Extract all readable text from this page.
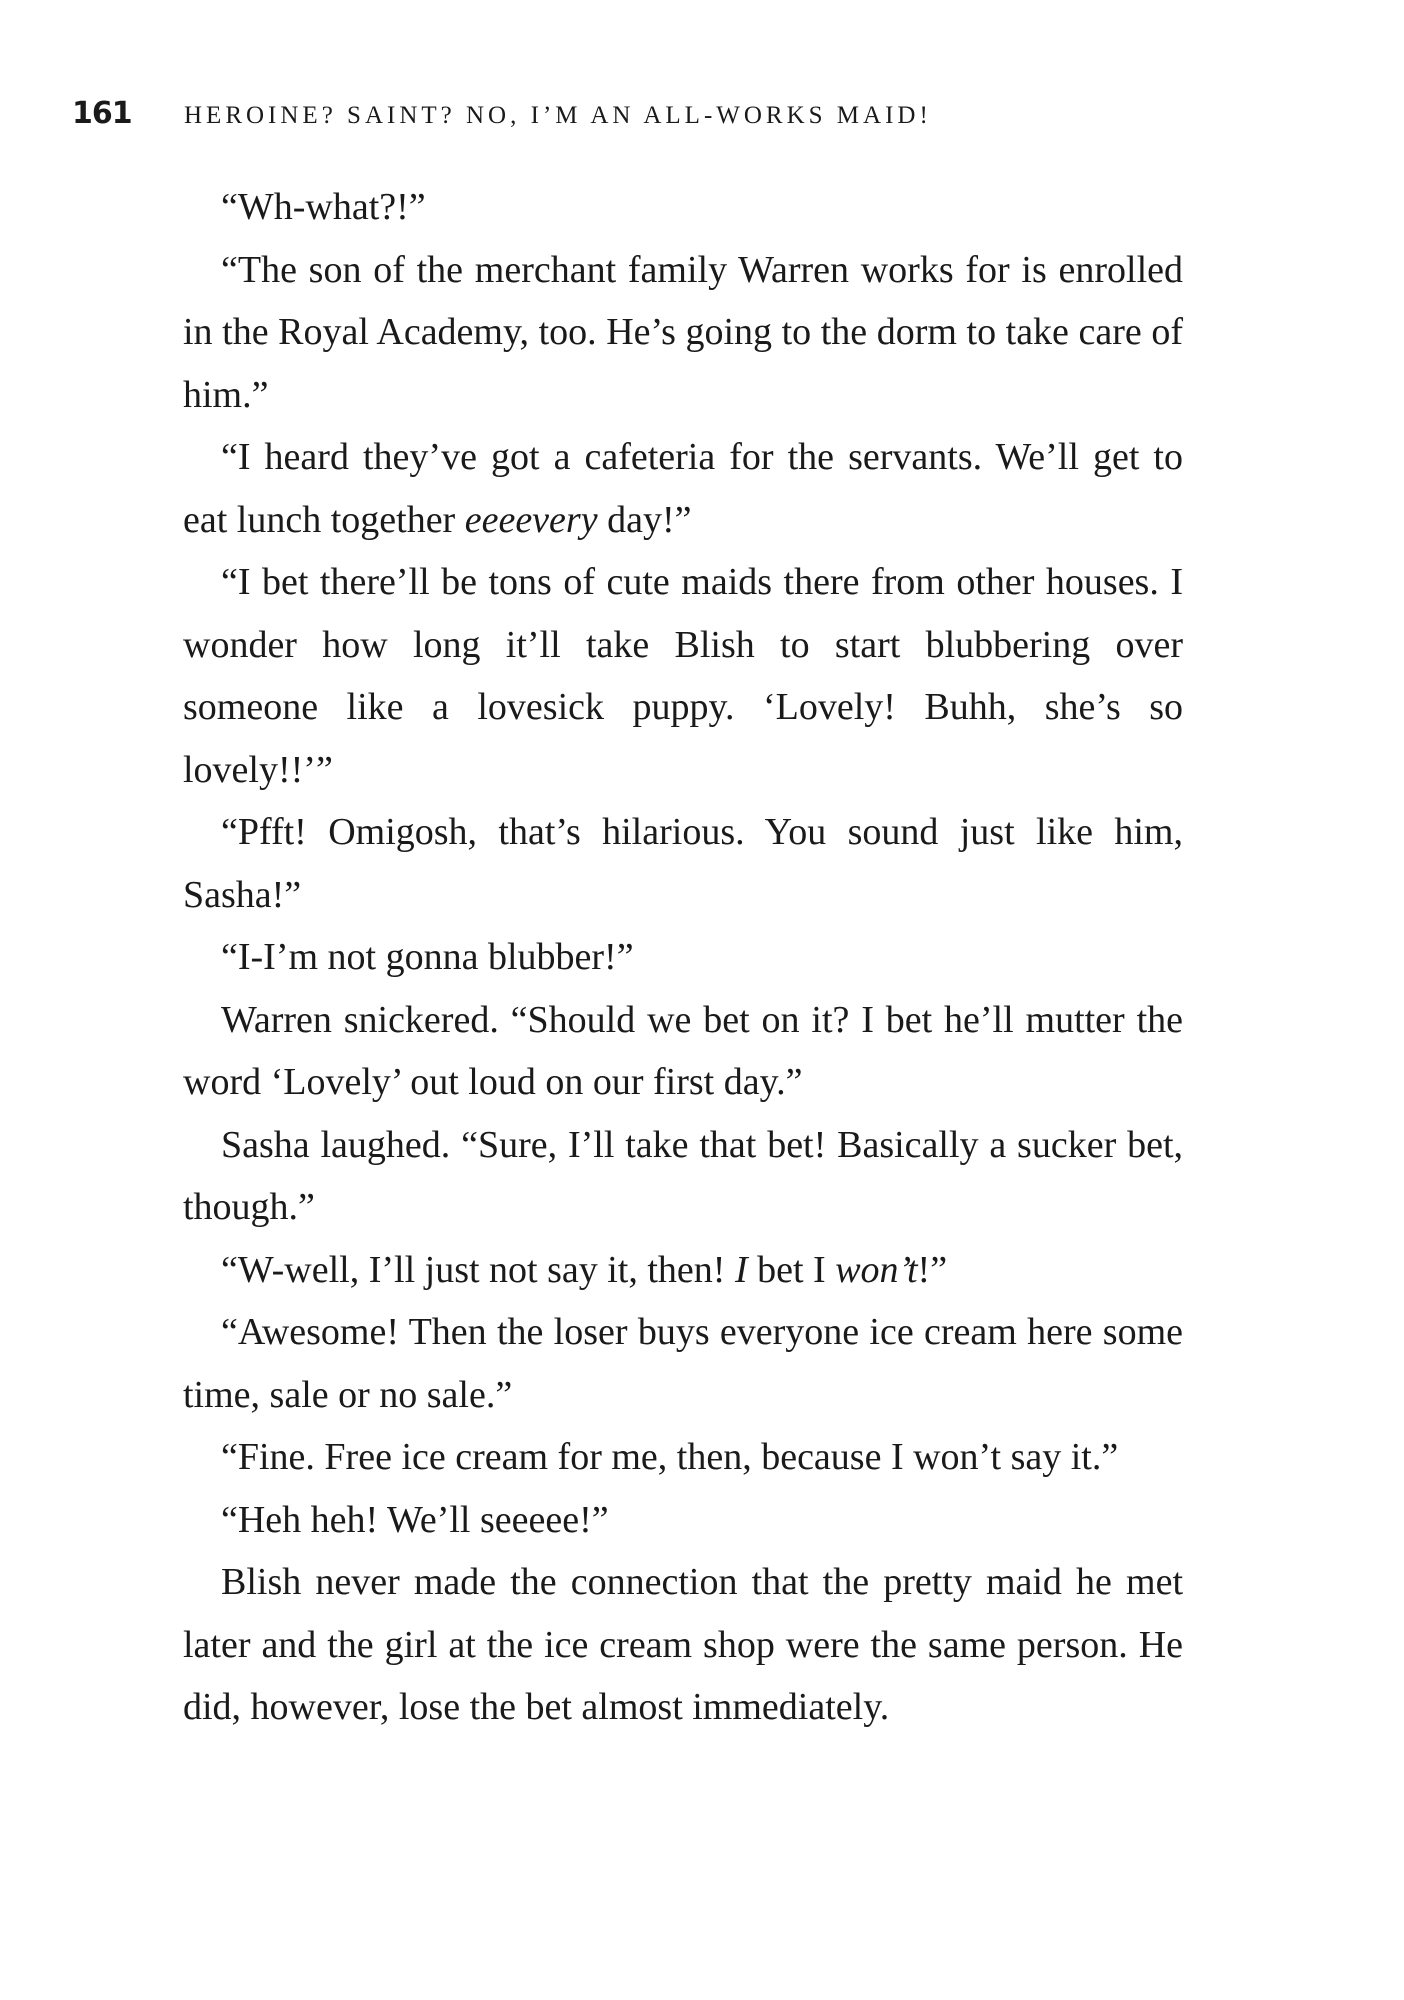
161	HEROINE? SAINT? NO, I’M AN ALL-WORKS MAID!

“Wh-what?!”

“The son of the merchant family Warren works for is enrolled in the Royal Academy, too. He’s going to the dorm to take care of him.”

“I heard they’ve got a cafeteria for the servants. We’ll get to eat lunch together eeeevery day!”

“I bet there’ll be tons of cute maids there from other houses. I wonder how long it’ll take Blish to start blubbering over someone like a lovesick puppy. ‘Lovely! Buhh, she’s so lovely!!’”

“Pfft! Omigosh, that’s hilarious. You sound just like him, Sasha!”

“I-I’m not gonna blubber!”

Warren snickered. “Should we bet on it? I bet he’ll mutter the word ‘Lovely’ out loud on our first day.”

Sasha laughed. “Sure, I’ll take that bet! Basically a sucker bet, though.”

“W-well, I’ll just not say it, then! I bet I won’t!”

“Awesome! Then the loser buys everyone ice cream here some time, sale or no sale.”

“Fine. Free ice cream for me, then, because I won’t say it.”

“Heh heh! We’ll seeeee!”

Blish never made the connection that the pretty maid he met later and the girl at the ice cream shop were the same person. He did, however, lose the bet almost immediately.
